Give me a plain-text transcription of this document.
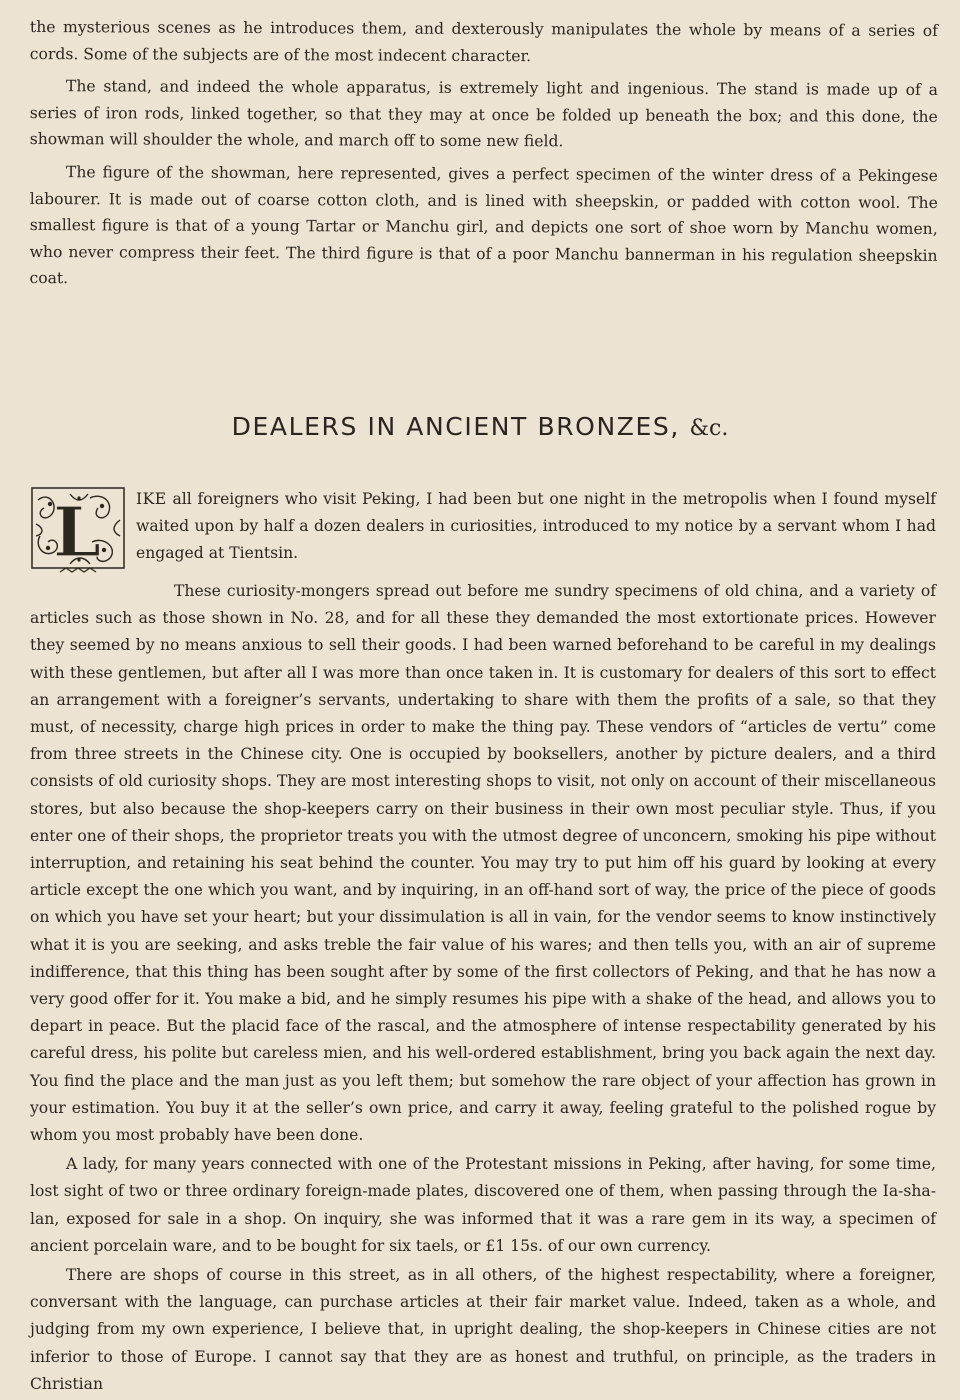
the mysterious scenes as he introduces them, and dexterously manipulates the whole by means of a series of cords. Some of the subjects are of the most indecent character.

The stand, and indeed the whole apparatus, is extremely light and ingenious. The stand is made up of a series of iron rods, linked together, so that they may at once be folded up beneath the box; and this done, the showman will shoulder the whole, and march off to some new field.

The figure of the showman, here represented, gives a perfect specimen of the winter dress of a Pekingese labourer. It is made out of coarse cotton cloth, and is lined with sheepskin, or padded with cotton wool. The smallest figure is that of a young Tartar or Manchu girl, and depicts one sort of shoe worn by Manchu women, who never compress their feet. The third figure is that of a poor Manchu bannerman in his regulation sheepskin coat.

DEALERS IN ANCIENT BRONZES, &c.
L	IKE all foreigners who visit Peking, I had been but one night in the metropolis when I found myself waited upon by half a dozen dealers in curiosities, introduced to my notice by a servant whom I had engaged at Tientsin.

These curiosity-mongers spread out before me sundry specimens of old china, and a variety of articles such as those shown in No. 28, and for all these they demanded the most extortionate prices. However they seemed by no means anxious to sell their goods. I had been warned beforehand to be careful in my dealings with these gentlemen, but after all I was more than once taken in. It is customary for dealers of this sort to effect an arrangement with a foreigner’s servants, undertaking to share with them the profits of a sale, so that they must, of necessity, charge high prices in order to make the thing pay. These vendors of “articles de vertu” come from three streets in the Chinese city. One is occupied by booksellers, another by picture dealers, and a third consists of old curiosity shops. They are most interesting shops to visit, not only on account of their miscellaneous stores, but also because the shop-keepers carry on their business in their own most peculiar style. Thus, if you enter one of their shops, the proprietor treats you with the utmost degree of unconcern, smoking his pipe without interruption, and retaining his seat behind the counter. You may try to put him off his guard by looking at every article except the one which you want, and by inquiring, in an off-hand sort of way, the price of the piece of goods on which you have set your heart; but your dissimulation is all in vain, for the vendor seems to know instinctively what it is you are seeking, and asks treble the fair value of his wares; and then tells you, with an air of supreme indifference, that this thing has been sought after by some of the first collectors of Peking, and that he has now a very good offer for it. You make a bid, and he simply resumes his pipe with a shake of the head, and allows you to depart in peace. But the placid face of the rascal, and the atmosphere of intense respectability generated by his careful dress, his polite but careless mien, and his well-ordered establishment, bring you back again the next day. You find the place and the man just as you left them; but somehow the rare object of your affection has grown in your estimation. You buy it at the seller’s own price, and carry it away, feeling grateful to the polished rogue by whom you most probably have been done.

A lady, for many years connected with one of the Protestant missions in Peking, after having, for some time, lost sight of two or three ordinary foreign-made plates, discovered one of them, when passing through the Ia-sha-lan, exposed for sale in a shop. On inquiry, she was informed that it was a rare gem in its way, a specimen of ancient porcelain ware, and to be bought for six taels, or £1 15s. of our own currency.

There are shops of course in this street, as in all others, of the highest respectability, where a foreigner, conversant with the language, can purchase articles at their fair market value. Indeed, taken as a whole, and judging from my own experience, I believe that, in upright dealing, the shop-keepers in Chinese cities are not inferior to those of Europe. I cannot say that they are as honest and truthful, on principle, as the traders in Christian
